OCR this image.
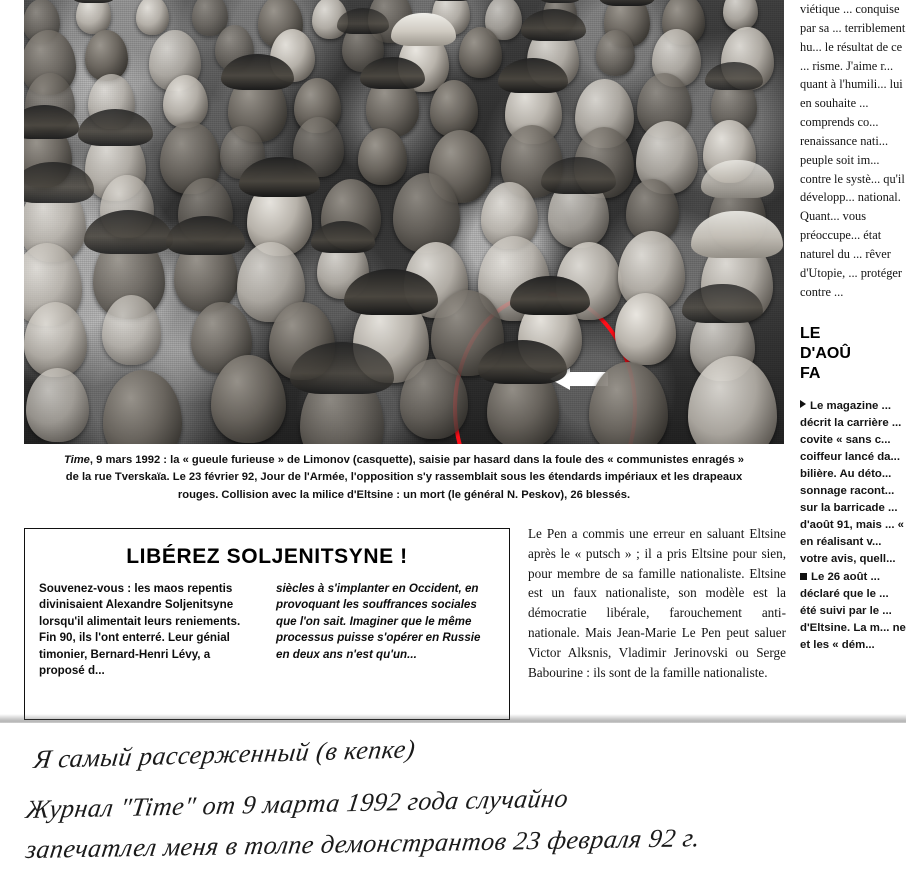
Time, 9 mars 1992 : la « gueule furieuse » de Limonov (casquette), saisie par hasard dans la foule des « communistes enragés »
de la rue Tverskaïa. Le 23 février 92, Jour de l'Armée, l'opposition s'y rassemblait sous les étendards impériaux et les drapeaux
rouges. Collision avec la milice d'Eltsine : un mort (le général N. Peskov), 26 blessés.
LIBÉREZ SOLJENITSYNE !
Souvenez-vous : les maos repentis divinisaient Alexandre Soljenitsyne lorsqu'il alimentait leurs reniements. Fin 90, ils l'ont enterré. Leur génial timonier, Bernard-Henri Lévy, a proposé d...
siècles à s'implanter en Occident, en provoquant les souffrances sociales que l'on sait. Imaginer que le même processus puisse s'opérer en Russie en deux ans n'est qu'un...
Le Pen a commis une erreur en saluant Eltsine après le « putsch » ; il a pris Eltsine pour sien, pour membre de sa famille nationaliste. Eltsine est un faux nationaliste, son modèle est la démocratie libérale, farouchement anti-nationale. Mais Jean-Marie Le Pen peut saluer Victor Alksnis, Vladimir Jerinovski ou Serge Babourine : ils sont de la famille nationaliste.

viétique ... conquise par sa ... terriblement hu... le résultat de ce ... risme. J'aime r... quant à l'humili... lui en souhaite ... comprends co... renaissance nati... peuple soit im... contre le systè... qu'il développ... national. Quant... vous préoccupe... état naturel du ... rêver d'Utopie, ... protéger contre ...

LE
D'AOÛ
FA

Le magazine ... décrit la carrière ... covite « sans c... coiffeur lancé da... bilière. Au déto... sonnage racont... sur la barricade ... d'août 91, mais ... « en réalisant v... votre avis, quell...

Le 26 août ... déclaré que le ... été suivi par le ... d'Eltsine. La m... ne et les « dém...

Я самый рассерженный (в кепке)
Журнал "Time" от 9 марта 1992 года случайно
запечатлел меня в толпе демонстрантов 23 февраля 92 г.
